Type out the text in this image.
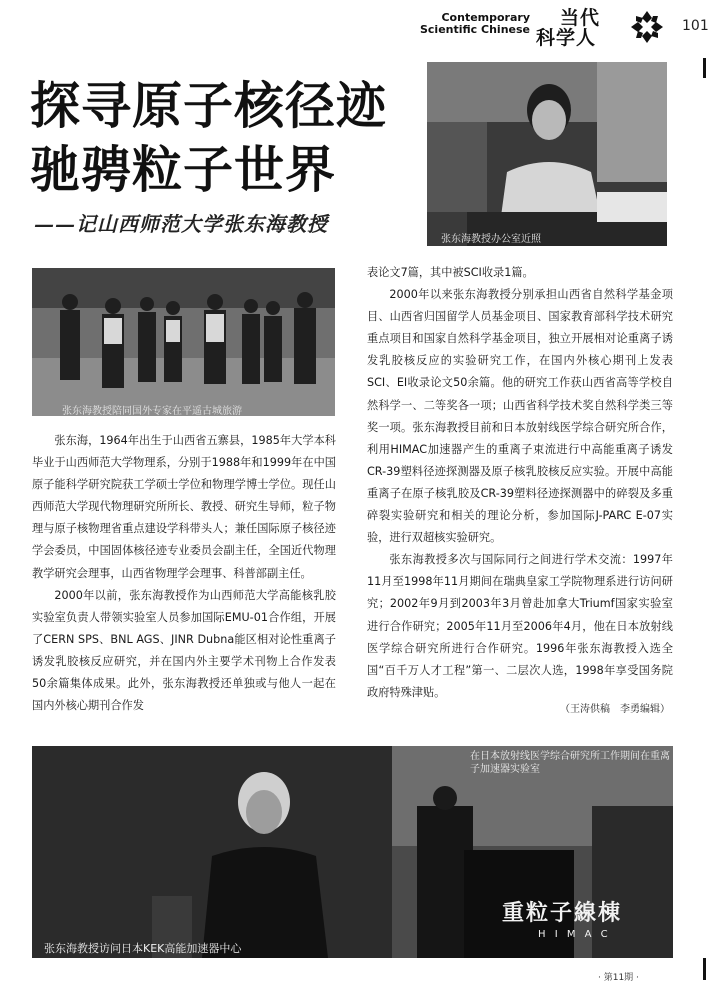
Contemporary
Scientific Chinese
当代
科学人
101
探寻原子核径迹
驰骋粒子世界
——记山西师范大学张东海教授
张东海教授办公室近照
张东海教授陪同国外专家在平遥古城旅游

张东海，1964年出生于山西省五寨县，1985年大学本科毕业于山西师范大学物理系，分别于1988年和1999年在中国原子能科学研究院获工学硕士学位和物理学博士学位。现任山西师范大学现代物理研究所所长、教授、研究生导师，粒子物理与原子核物理省重点建设学科带头人；兼任国际原子核径迹学会委员，中国固体核径迹专业委员会副主任，全国近代物理教学研究会理事，山西省物理学会理事、科普部副主任。

2000年以前，张东海教授作为山西师范大学高能核乳胶实验室负责人带领实验室人员参加国际EMU-01合作组，开展了CERN SPS、BNL AGS、JINR Dubna能区相对论性重离子诱发乳胶核反应研究，并在国内外主要学术刊物上合作发表50余篇集体成果。此外，张东海教授还单独或与他人一起在国内外核心期刊合作发

表论文7篇，其中被SCI收录1篇。

2000年以来张东海教授分别承担山西省自然科学基金项目、山西省归国留学人员基金项目、国家教育部科学技术研究重点项目和国家自然科学基金项目，独立开展相对论重离子诱发乳胶核反应的实验研究工作，在国内外核心期刊上发表SCI、EI收录论文50余篇。他的研究工作获山西省高等学校自然科学一、二等奖各一项；山西省科学技术奖自然科学类三等奖一项。张东海教授目前和日本放射线医学综合研究所合作，利用HIMAC加速器产生的重离子束流进行中高能重离子诱发CR-39塑料径迹探测器及原子核乳胶核反应实验。开展中高能重离子在原子核乳胶及CR-39塑料径迹探测器中的碎裂及多重碎裂实验研究和相关的理论分析，参加国际J-PARC E-07实验，进行双超核实验研究。

张东海教授多次与国际同行之间进行学术交流：1997年11月至1998年11月期间在瑞典皇家工学院物理系进行访问研究；2002年9月到2003年3月曾赴加拿大Triumf国家实验室进行合作研究；2005年11月至2006年4月，他在日本放射线医学综合研究所进行合作研究。1996年张东海教授入选全国“百千万人才工程”第一、二层次人选，1998年享受国务院政府特殊津贴。

（王涛供稿　李勇编辑）
在日本放射线医学综合研究所工作期间在重离子加速器实验室
重粒子線棟
H I M A C
张东海教授访问日本KEK高能加速器中心
· 第11期 ·
